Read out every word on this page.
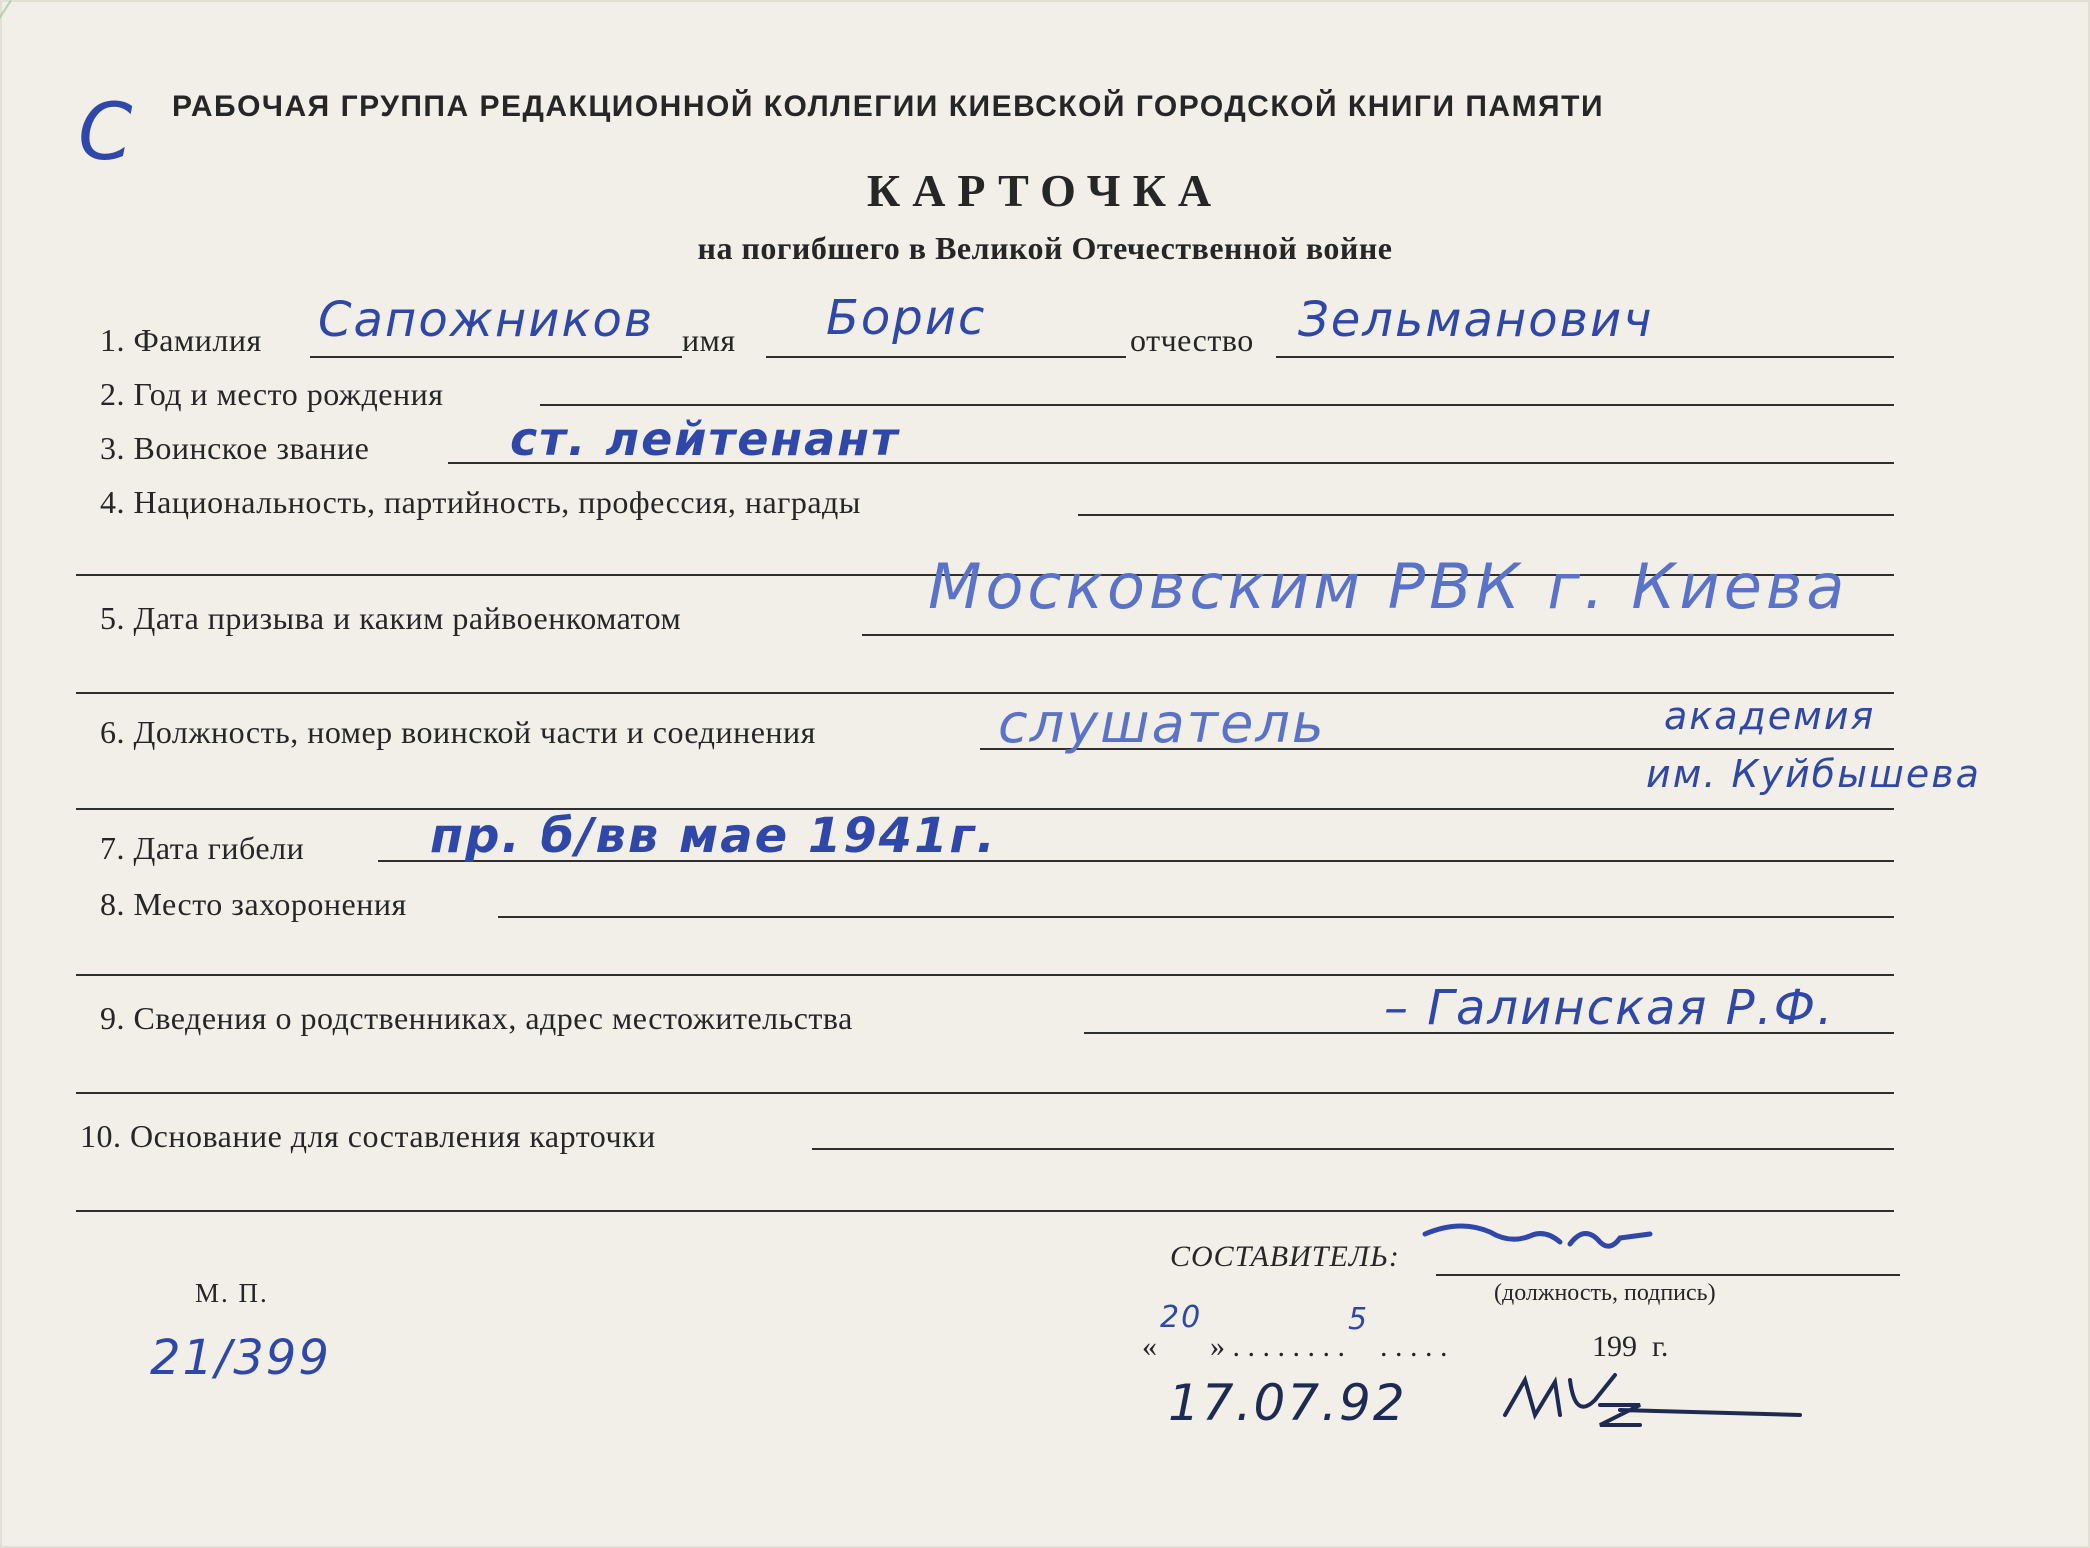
С РАБОЧАЯ ГРУППА РЕДАКЦИОННОЙ КОЛЛЕГИИ КИЕВСКОЙ ГОРОДСКОЙ КНИГИ ПАМЯТИ
КАРТОЧКА
на погибшего в Великой Отечественной войне
1. Фамилия Сапожников имя Борис	отчество Зельманович
2. Год и место рождения
3. Воинское звание	ст. лейтенант
4. Национальность, партийность, профессия, награды
5. Дата призыва и каким райвоенкоматом	Московским РВК г. Киева
6. Должность, номер воинской части и соединения	слушатель	академия
им. Куйбышева
7. Дата гибели	пр. б/вв мае 1941г.
8. Место захоронения
9. Сведения о родственниках, адрес местожительства	– Галинская Р.Ф.
10. Основание для составления карточки
СОСТАВИТЕЛЬ:
(должность, подпись)
М. П.
21/399	«
20
» . . . . . . . .
5
. . . . .	199 г.
17.07.92
